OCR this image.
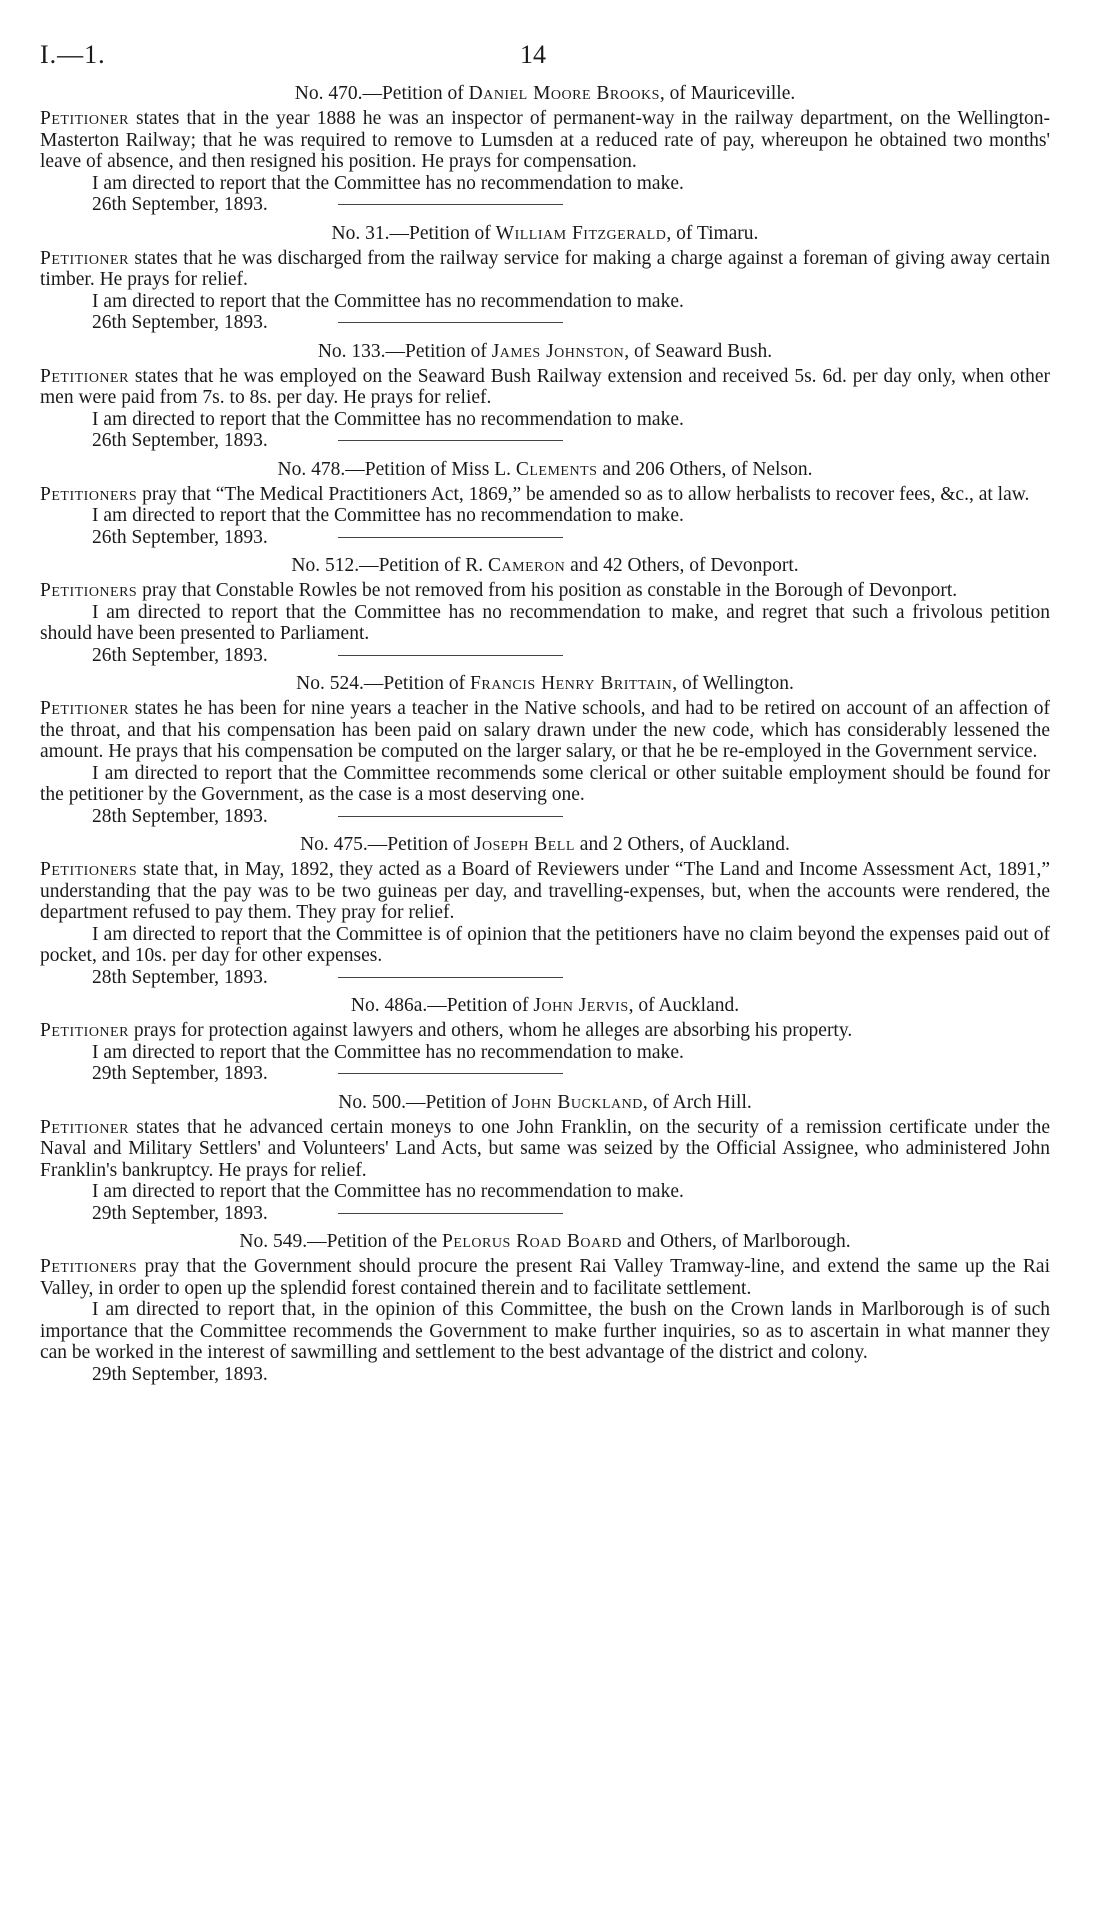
I.—1.	14
No. 470.—Petition of Daniel Moore Brooks, of Mauriceville.

Petitioner states that in the year 1888 he was an inspector of permanent-way in the railway department, on the Wellington-Masterton Railway; that he was required to remove to Lumsden at a reduced rate of pay, whereupon he obtained two months' leave of absence, and then resigned his position. He prays for compensation.

I am directed to report that the Committee has no recommendation to make.

26th September, 1893.
No. 31.—Petition of William Fitzgerald, of Timaru.

Petitioner states that he was discharged from the railway service for making a charge against a foreman of giving away certain timber. He prays for relief.

I am directed to report that the Committee has no recommendation to make.

26th September, 1893.
No. 133.—Petition of James Johnston, of Seaward Bush.

Petitioner states that he was employed on the Seaward Bush Railway extension and received 5s. 6d. per day only, when other men were paid from 7s. to 8s. per day. He prays for relief.

I am directed to report that the Committee has no recommendation to make.

26th September, 1893.
No. 478.—Petition of Miss L. Clements and 206 Others, of Nelson.

Petitioners pray that “The Medical Practitioners Act, 1869,” be amended so as to allow herbalists to recover fees, &c., at law.

I am directed to report that the Committee has no recommendation to make.

26th September, 1893.
No. 512.—Petition of R. Cameron and 42 Others, of Devonport.

Petitioners pray that Constable Rowles be not removed from his position as constable in the Borough of Devonport.

I am directed to report that the Committee has no recommendation to make, and regret that such a frivolous petition should have been presented to Parliament.

26th September, 1893.
No. 524.—Petition of Francis Henry Brittain, of Wellington.

Petitioner states he has been for nine years a teacher in the Native schools, and had to be retired on account of an affection of the throat, and that his compensation has been paid on salary drawn under the new code, which has considerably lessened the amount. He prays that his compensation be computed on the larger salary, or that he be re-employed in the Government service.

I am directed to report that the Committee recommends some clerical or other suitable employment should be found for the petitioner by the Government, as the case is a most deserving one.

28th September, 1893.
No. 475.—Petition of Joseph Bell and 2 Others, of Auckland.

Petitioners state that, in May, 1892, they acted as a Board of Reviewers under “The Land and Income Assessment Act, 1891,” understanding that the pay was to be two guineas per day, and travelling-expenses, but, when the accounts were rendered, the department refused to pay them. They pray for relief.

I am directed to report that the Committee is of opinion that the petitioners have no claim beyond the expenses paid out of pocket, and 10s. per day for other expenses.

28th September, 1893.
No. 486a.—Petition of John Jervis, of Auckland.

Petitioner prays for protection against lawyers and others, whom he alleges are absorbing his property.

I am directed to report that the Committee has no recommendation to make.

29th September, 1893.
No. 500.—Petition of John Buckland, of Arch Hill.

Petitioner states that he advanced certain moneys to one John Franklin, on the security of a remission certificate under the Naval and Military Settlers' and Volunteers' Land Acts, but same was seized by the Official Assignee, who administered John Franklin's bankruptcy. He prays for relief.

I am directed to report that the Committee has no recommendation to make.

29th September, 1893.
No. 549.—Petition of the Pelorus Road Board and Others, of Marlborough.

Petitioners pray that the Government should procure the present Rai Valley Tramway-line, and extend the same up the Rai Valley, in order to open up the splendid forest contained therein and to facilitate settlement.

I am directed to report that, in the opinion of this Committee, the bush on the Crown lands in Marlborough is of such importance that the Committee recommends the Government to make further inquiries, so as to ascertain in what manner they can be worked in the interest of sawmilling and settlement to the best advantage of the district and colony.

29th September, 1893.
